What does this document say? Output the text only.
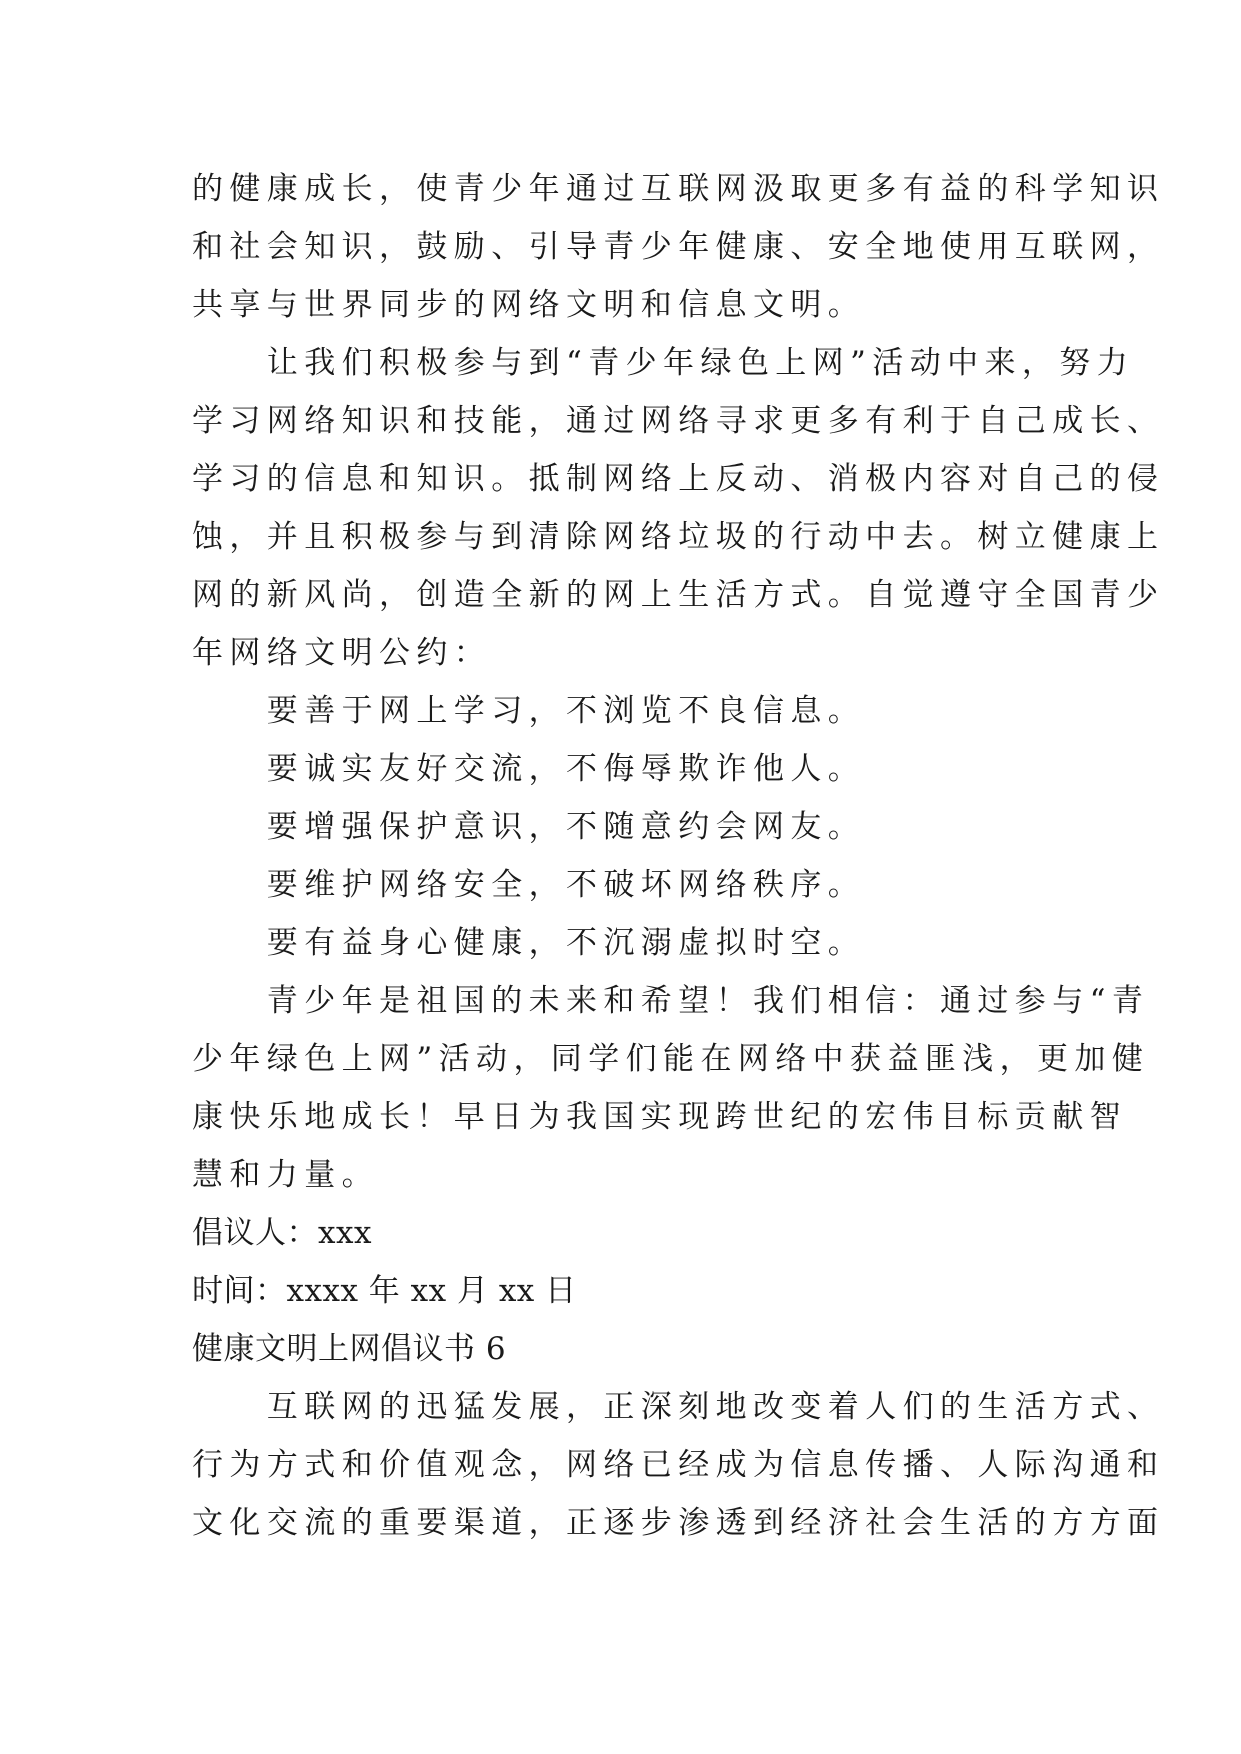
的健康成长，使青少年通过互联网汲取更多有益的科学知识
和社会知识，鼓励、引导青少年健康、安全地使用互联网，
共享与世界同步的网络文明和信息文明。
　　让我们积极参与到“青少年绿色上网”活动中来，努力
学习网络知识和技能，通过网络寻求更多有利于自己成长、
学习的信息和知识。抵制网络上反动、消极内容对自己的侵
蚀，并且积极参与到清除网络垃圾的行动中去。树立健康上
网的新风尚，创造全新的网上生活方式。自觉遵守全国青少
年网络文明公约：
　　要善于网上学习，不浏览不良信息。
　　要诚实友好交流，不侮辱欺诈他人。
　　要增强保护意识，不随意约会网友。
　　要维护网络安全，不破坏网络秩序。
　　要有益身心健康，不沉溺虚拟时空。
　　青少年是祖国的未来和希望！我们相信：通过参与“青
少年绿色上网”活动，同学们能在网络中获益匪浅，更加健
康快乐地成长！早日为我国实现跨世纪的宏伟目标贡献智
慧和力量。
倡议人：xxx
时间：xxxx 年 xx 月 xx 日
健康文明上网倡议书 6
　　互联网的迅猛发展，正深刻地改变着人们的生活方式、
行为方式和价值观念，网络已经成为信息传播、人际沟通和
文化交流的重要渠道，正逐步渗透到经济社会生活的方方面
